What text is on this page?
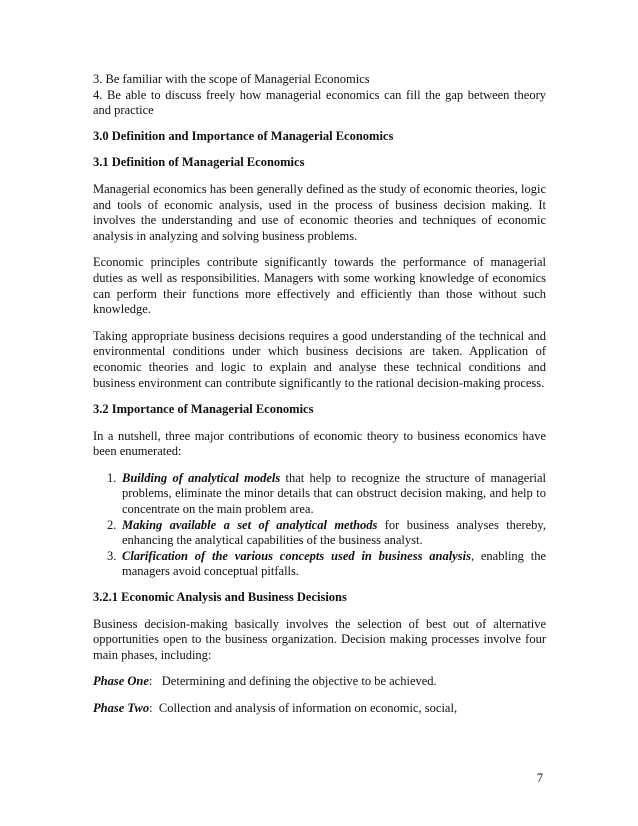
3. Be familiar with the scope of Managerial Economics
4. Be able to discuss freely how managerial economics can fill the gap between theory and practice
3.0 Definition and Importance of Managerial Economics
3.1 Definition of Managerial Economics

Managerial economics has been generally defined as the study of economic theories, logic and tools of economic analysis, used in the process of business decision making. It involves the understanding and use of economic theories and techniques of economic analysis in analyzing and solving business problems.

Economic principles contribute significantly towards the performance of managerial duties as well as responsibilities. Managers with some working knowledge of economics can perform their functions more effectively and efficiently than those without such knowledge.

Taking appropriate business decisions requires a good understanding of the technical and environmental conditions under which business decisions are taken. Application of economic theories and logic to explain and analyse these technical conditions and business environment can contribute significantly to the rational decision-making process.

3.2 Importance of Managerial Economics

In a nutshell, three major contributions of economic theory to business economics have been enumerated:

1. Building of analytical models that help to recognize the structure of managerial problems, eliminate the minor details that can obstruct decision making, and help to concentrate on the main problem area.
2. Making available a set of analytical methods for business analyses thereby, enhancing the analytical capabilities of the business analyst.
3. Clarification of the various concepts used in business analysis, enabling the managers avoid conceptual pitfalls.
3.2.1 Economic Analysis and Business Decisions

Business decision-making basically involves the selection of best out of alternative opportunities open to the business organization. Decision making processes involve four main phases, including:

Phase One:   Determining and defining the objective to be achieved.

Phase Two:  Collection and analysis of information on economic, social,

7
